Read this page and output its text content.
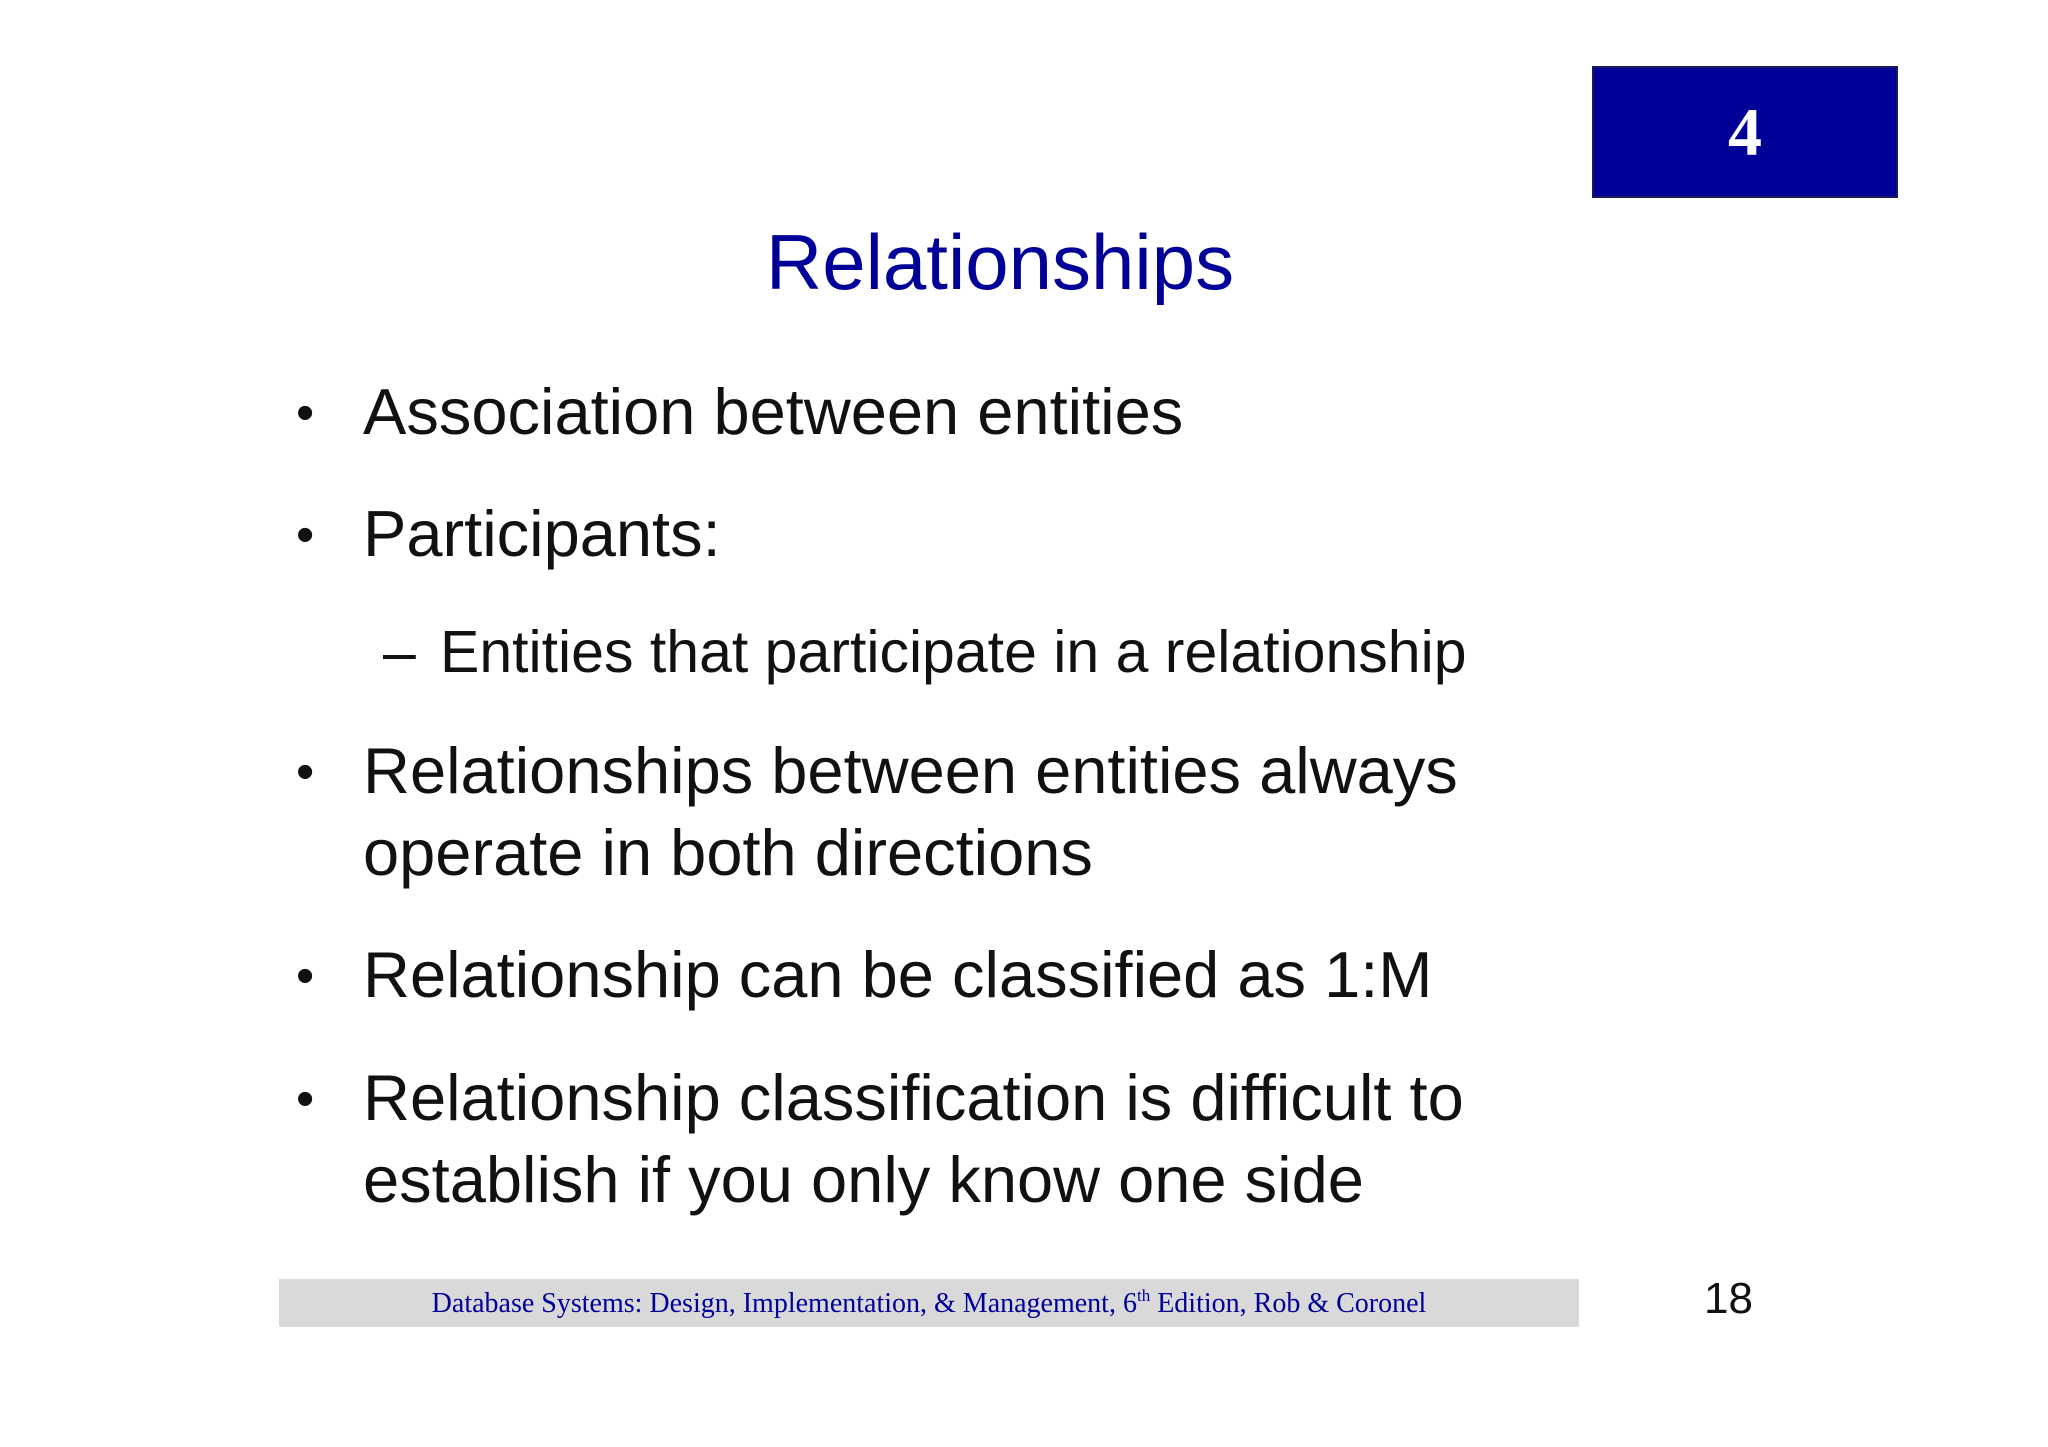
4
Relationships
• Association between entities
• Participants:
– Entities that participate in a relationship
• Relationships between entities always
operate in both directions
• Relationship can be classified as 1:M
• Relationship classification is difficult to
establish if you only know one side
Database Systems: Design, Implementation, & Management, 6th Edition, Rob & Coronel	18
